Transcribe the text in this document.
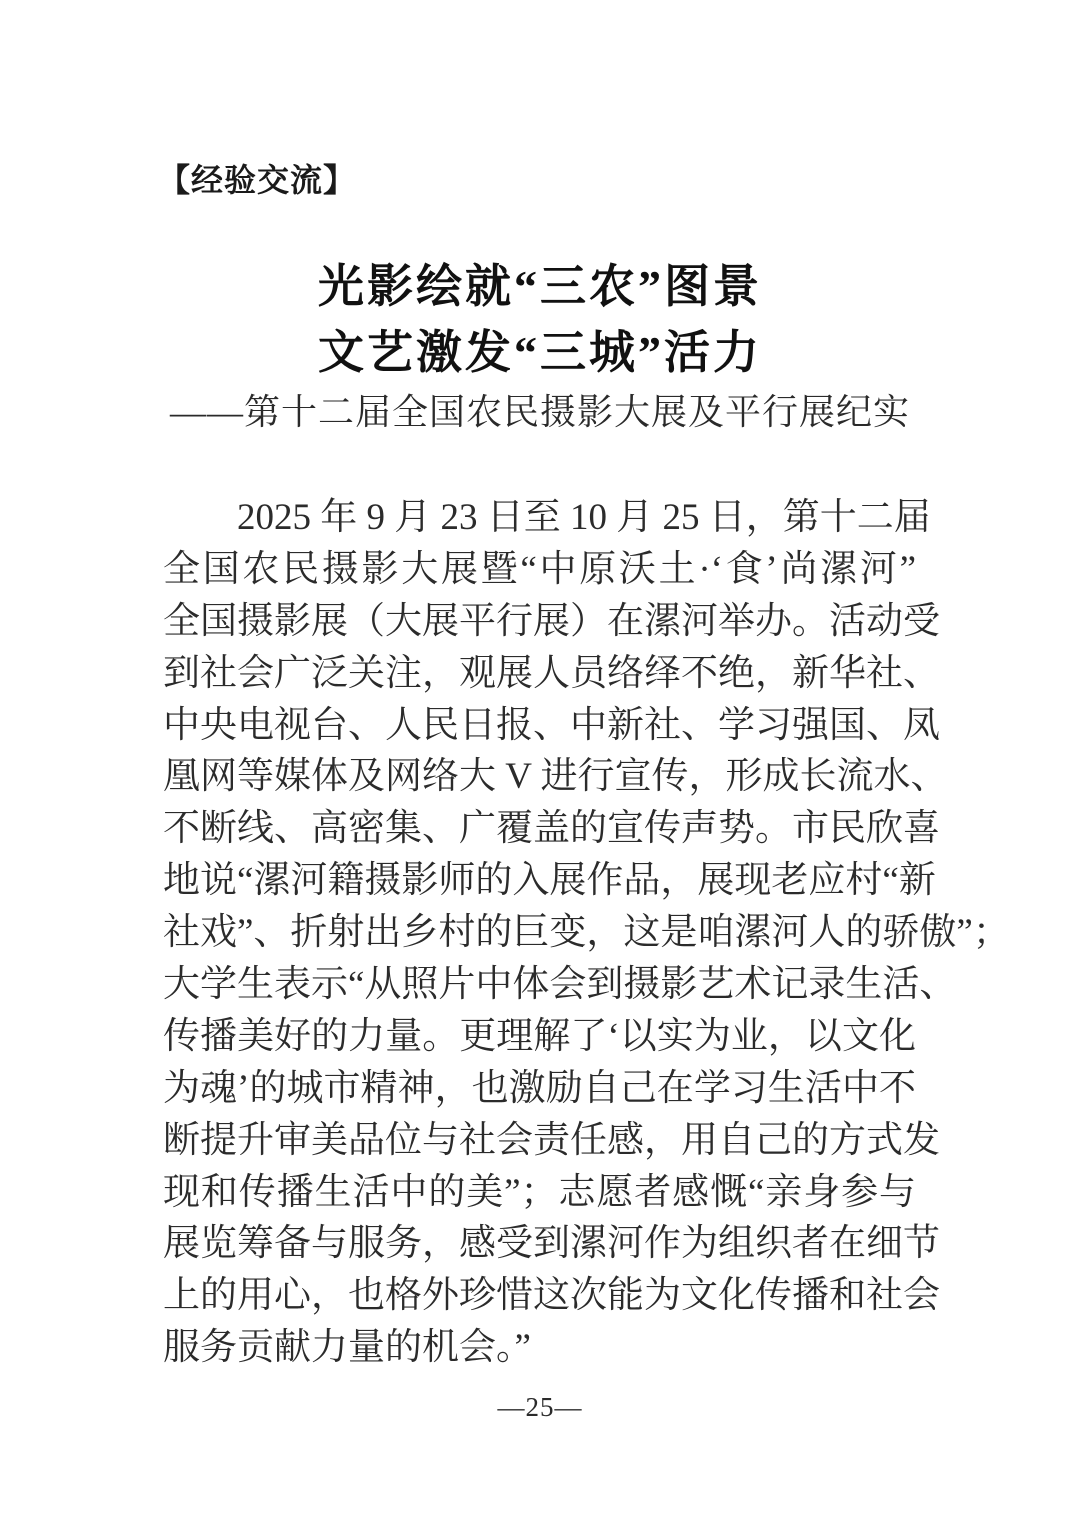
【经验交流】
光影绘就“三农”图景
文艺激发“三城”活力
——第十二届全国农民摄影大展及平行展纪实
2025 年 9 月 23 日至 10 月 25 日，第十二届
全国农民摄影大展暨“中原沃土·‘食’尚漯河”
全国摄影展（大展平行展）在漯河举办。活动受
到社会广泛关注，观展人员络绎不绝，新华社、
中央电视台、人民日报、中新社、学习强国、凤
凰网等媒体及网络大 V 进行宣传，形成长流水、
不断线、高密集、广覆盖的宣传声势。市民欣喜
地说“漯河籍摄影师的入展作品，展现老应村“新
社戏”、折射出乡村的巨变，这是咱漯河人的骄傲”；
大学生表示“从照片中体会到摄影艺术记录生活、
传播美好的力量。更理解了‘以实为业，以文化
为魂’的城市精神，也激励自己在学习生活中不
断提升审美品位与社会责任感，用自己的方式发
现和传播生活中的美”；志愿者感慨“亲身参与
展览筹备与服务，感受到漯河作为组织者在细节
上的用心，也格外珍惜这次能为文化传播和社会
服务贡献力量的机会。”
—25—
